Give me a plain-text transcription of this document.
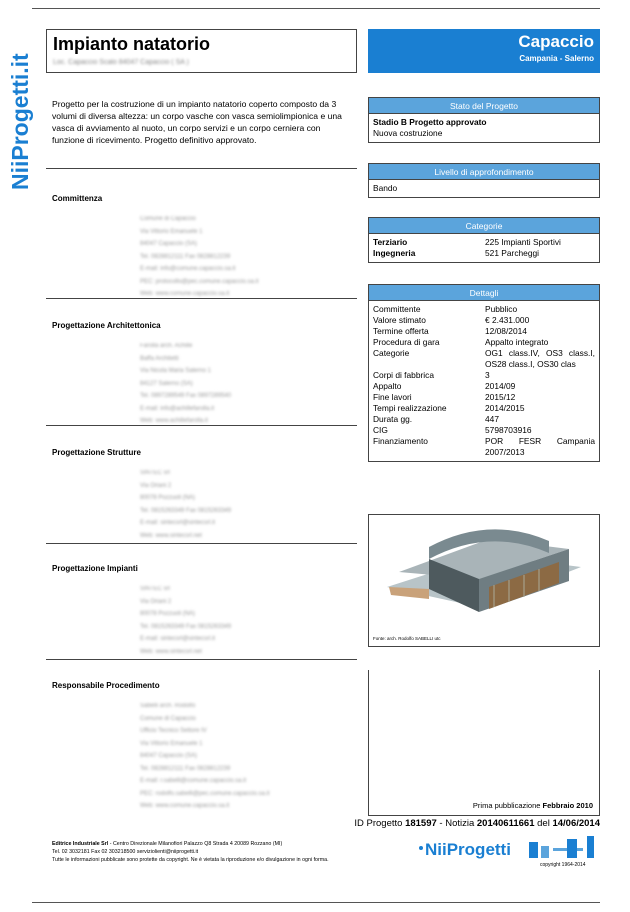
NiiProgetti.it
Impianto natatorio
Loc. Capaccio Scalo 84047 Capaccio ( SA )
Capaccio
Campania - Salerno
Progetto per la costruzione di un impianto natatorio coperto composto da 3 volumi di diversa altezza: un corpo vasche con vasca semiolimpionica e una vasca di avviamento al nuoto, un corpo servizi e un corpo cerniera con funzione di ricevimento. Progetto definitivo approvato.
Committenza
Comune di Capaccio
Via Vittorio Emanuele 1
84047 Capaccio (SA)
Tel. 0828812111 Fax 0828812239
E-mail: info@comune.capaccio.sa.it
PEC: protocollo@pec.comune.capaccio.sa.it
Web: www.comune.capaccio.sa.it
Progettazione Architettonica
Farolla arch. Achille
Baffa Architetti
Via Nicola Maria Salerno 1
84127 Salerno (SA)
Tel. 0897289549 Fax 0897289540
E-mail: info@achillefarolla.it
Web: www.achillefarolla.it
Progettazione Strutture
SINTEC srl
Via Oriani 2
80078 Pozzuoli (NA)
Tel. 0815263349 Fax 0815263349
E-mail: sintecsrl@sintecsrl.it
Web: www.sintecsrl.net
Progettazione Impianti
SINTEC srl
Via Oriani 2
80078 Pozzuoli (NA)
Tel. 0815263349 Fax 0815263349
E-mail: sintecsrl@sintecsrl.it
Web: www.sintecsrl.net
Responsabile Procedimento
Sabelli arch. Rodolfo
Comune di Capaccio
Ufficio Tecnico Settore IV
Via Vittorio Emanuele 1
84047 Capaccio (SA)
Tel. 0828812111 Fax 0828812239
E-mail: r.sabelli@comune.capaccio.sa.it
PEC: rodolfo.sabelli@pec.comune.capaccio.sa.it
Web: www.comune.capaccio.sa.it
Stato del Progetto
Stadio B Progetto approvato
Nuova costruzione
Livello di approfondimento
Bando
Categorie
Terziario	225 Impianti Sportivi
Ingegneria	521 Parcheggi
Dettagli
Committente	Pubblico
Valore stimato	€ 2.431.000
Termine offerta	12/08/2014
Procedura di gara	Appalto integrato
Categorie	OG1 class.IV, OS3 class.I, OS28 class.I, OS30 clas
Corpi di fabbrica	3
Appalto	2014/09
Fine lavori	2015/12
Tempi realizzazione	2014/2015
Durata gg.	447
CIG	5798703916
Finanziamento	POR FESR Campania 2007/2013
Fonte: arch. Rodolfo SABELLI utc
Prima pubblicazione Febbraio 2010
ID Progetto 181597 - Notizia 20140611661 del 14/06/2014
Editrice Industriale Srl - Centro Direzionale Milanofiori Palazzo Q8 Strada 4 20089 Rozzano (MI)
Tel. 02 3032181 Fax 02 3032185​00 serviziolienti@niiprogetti.it
Tutte le informazioni pubblicate sono protette da copyright. Ne è vietata la riproduzione e/o divulgazione in ogni forma.
NiiProgetti
copyright 1964-2014
